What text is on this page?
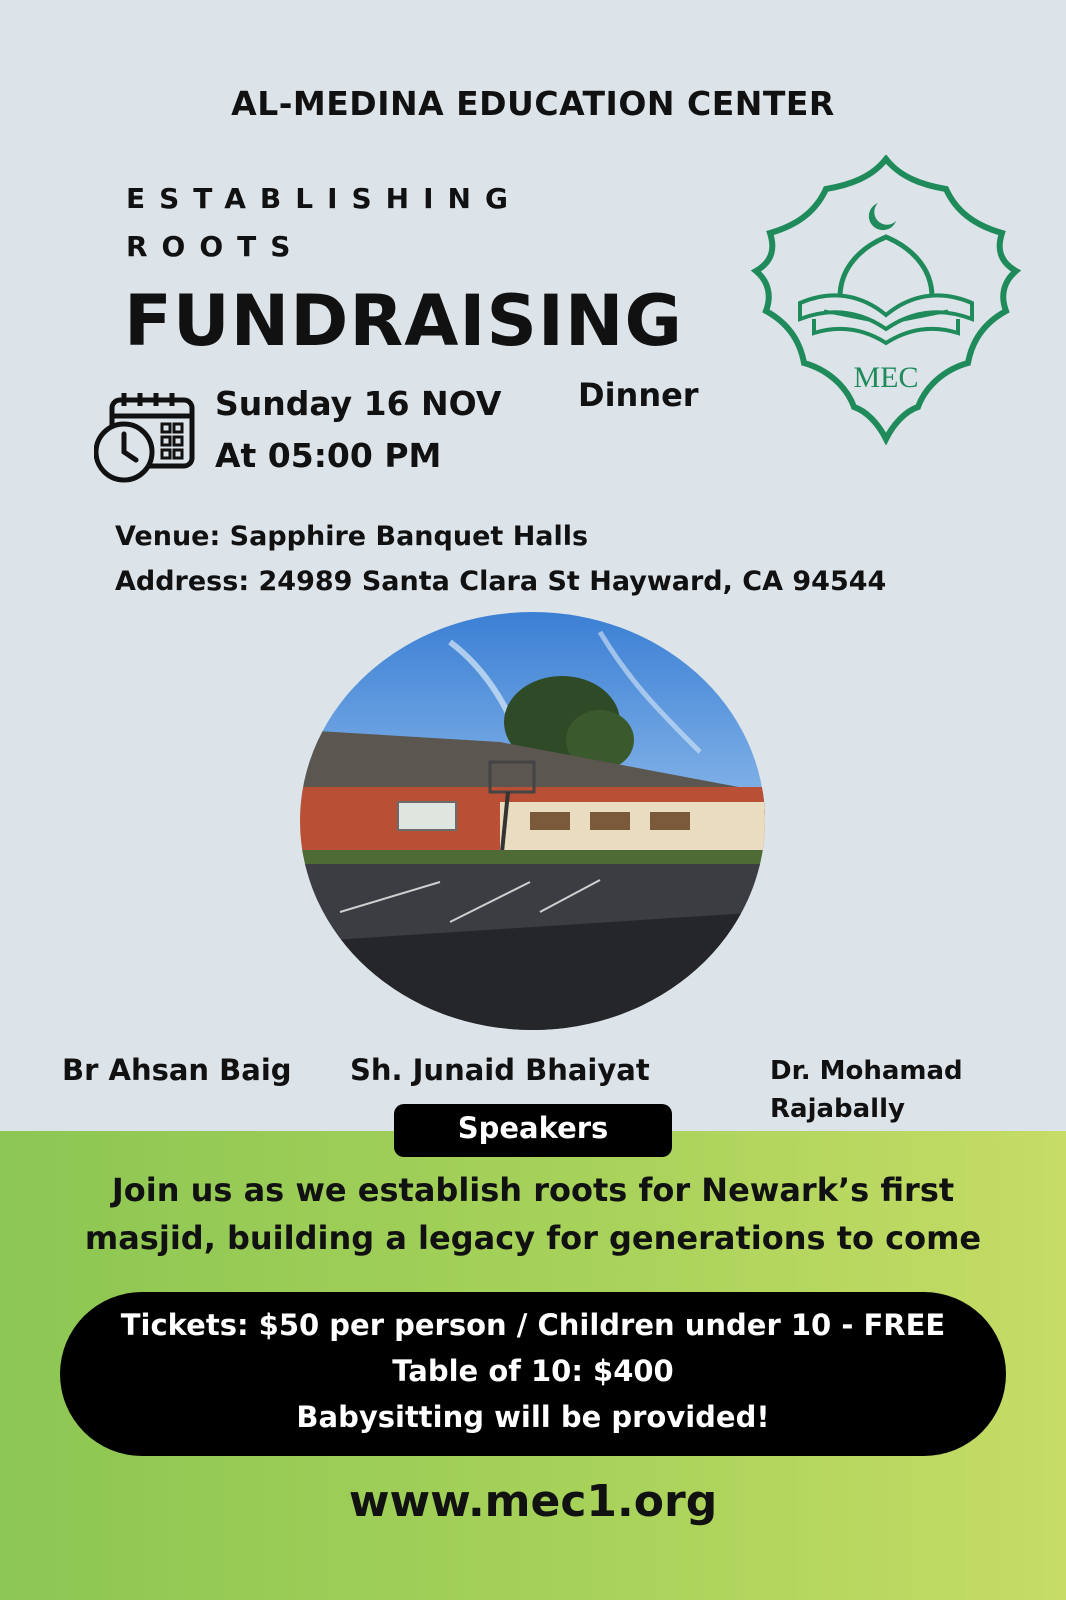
AL-MEDINA EDUCATION CENTER
ESTABLISHING
ROOTS
FUNDRAISING
Dinner
Sunday 16 NOV
At 05:00 PM
MEC
Venue: Sapphire Banquet Halls
Address: 24989 Santa Clara St Hayward, CA 94544
Br Ahsan Baig Sh. Junaid Bhaiyat	Dr. Mohamad
Rajabally
Speakers
Join us as we establish roots for Newark’s first
masjid, building a legacy for generations to come
Tickets: $50 per person / Children under 10 - FREE
Table of 10: $400
Babysitting will be provided!
www.mec1.org
